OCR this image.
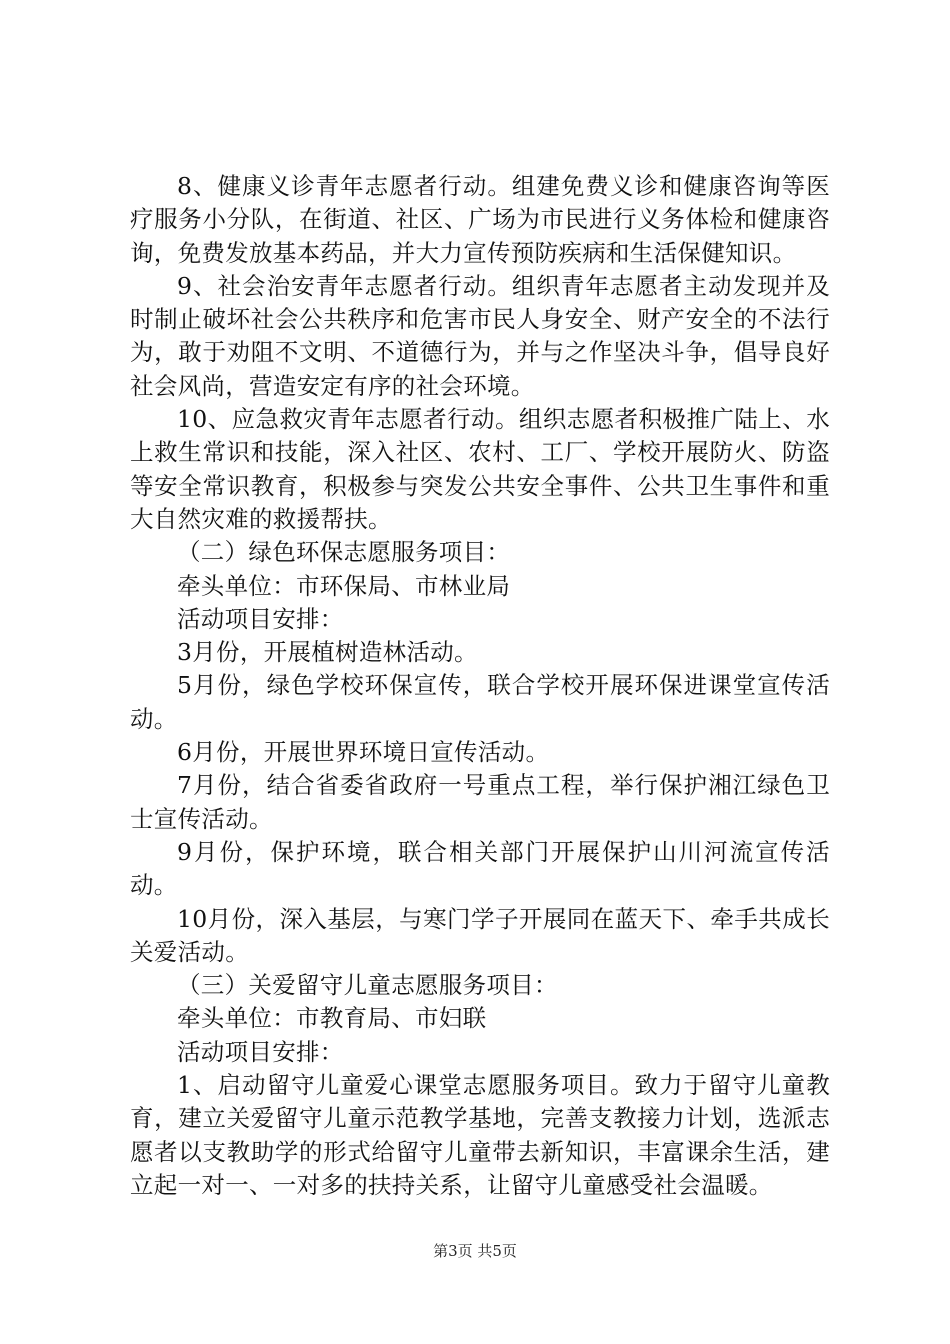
8、健康义诊青年志愿者行动。组建免费义诊和健康咨询等医疗服务小分队，在街道、社区、广场为市民进行义务体检和健康咨询，免费发放基本药品，并大力宣传预防疾病和生活保健知识。

9、社会治安青年志愿者行动。组织青年志愿者主动发现并及时制止破坏社会公共秩序和危害市民人身安全、财产安全的不法行为，敢于劝阻不文明、不道德行为，并与之作坚决斗争，倡导良好社会风尚，营造安定有序的社会环境。

10、应急救灾青年志愿者行动。组织志愿者积极推广陆上、水上救生常识和技能，深入社区、农村、工厂、学校开展防火、防盗等安全常识教育，积极参与突发公共安全事件、公共卫生事件和重大自然灾难的救援帮扶。

（二）绿色环保志愿服务项目：

牵头单位：市环保局、市林业局

活动项目安排：

3月份，开展植树造林活动。

5月份，绿色学校环保宣传，联合学校开展环保进课堂宣传活动。

6月份，开展世界环境日宣传活动。

7月份，结合省委省政府一号重点工程，举行保护湘江绿色卫士宣传活动。

9月份，保护环境，联合相关部门开展保护山川河流宣传活动。

10月份，深入基层，与寒门学子开展同在蓝天下、牵手共成长关爱活动。

（三）关爱留守儿童志愿服务项目：

牵头单位：市教育局、市妇联

活动项目安排：

1、启动留守儿童爱心课堂志愿服务项目。致力于留守儿童教育，建立关爱留守儿童示范教学基地，完善支教接力计划，选派志愿者以支教助学的形式给留守儿童带去新知识，丰富课余生活，建立起一对一、一对多的扶持关系，让留守儿童感受社会温暖。

第3页 共5页
